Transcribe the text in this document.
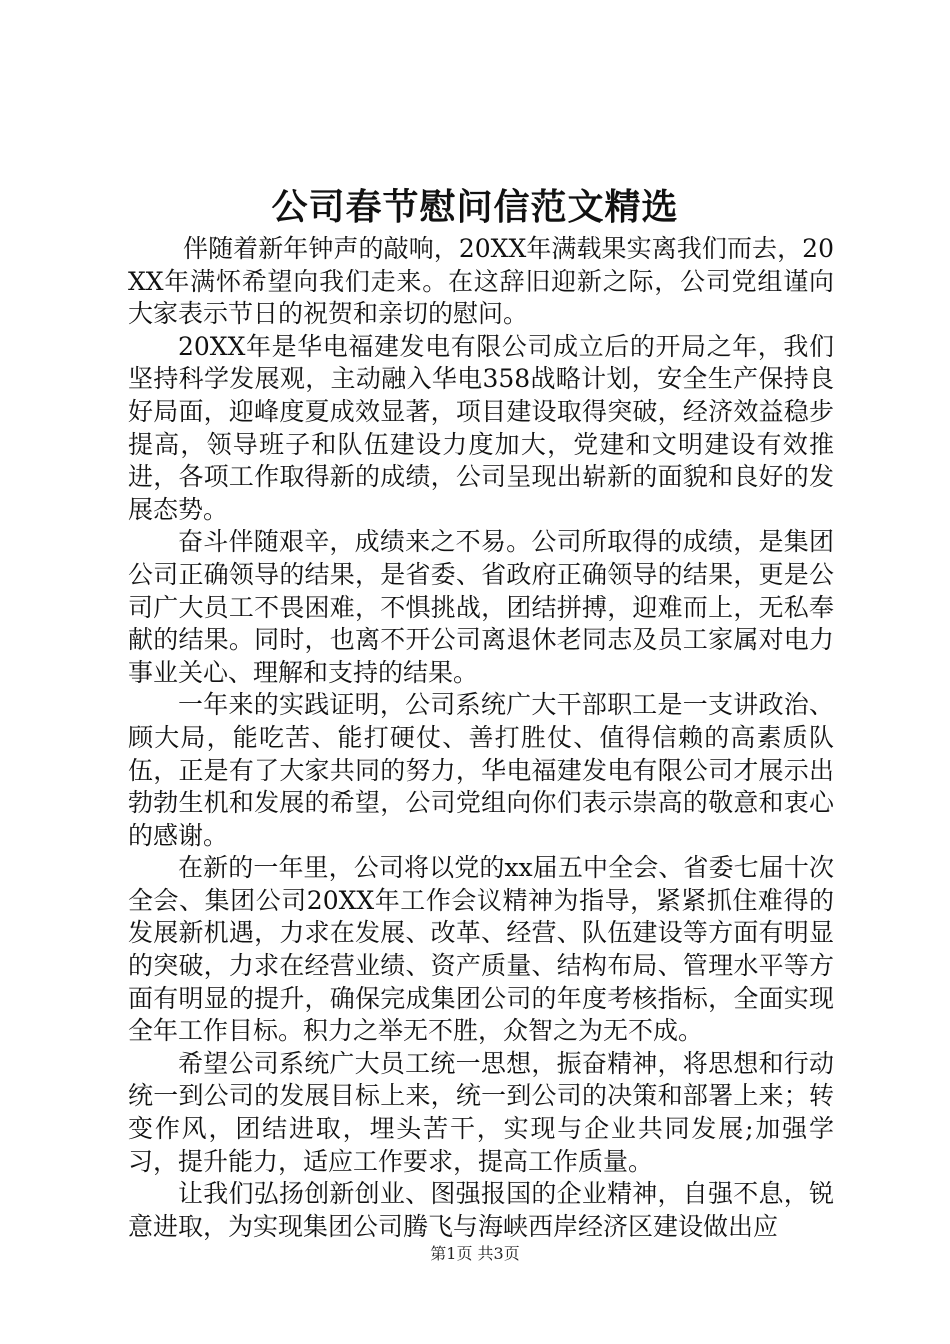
公司春节慰问信范文精选

伴随着新年钟声的敲响，20XX年满载果实离我们而去，20XX年满怀希望向我们走来。在这辞旧迎新之际，公司党组谨向大家表示节日的祝贺和亲切的慰问。

20XX年是华电福建发电有限公司成立后的开局之年，我们坚持科学发展观，主动融入华电358战略计划，安全生产保持良好局面，迎峰度夏成效显著，项目建设取得突破，经济效益稳步提高，领导班子和队伍建设力度加大，党建和文明建设有效推进，各项工作取得新的成绩，公司呈现出崭新的面貌和良好的发展态势。

奋斗伴随艰辛，成绩来之不易。公司所取得的成绩，是集团公司正确领导的结果，是省委、省政府正确领导的结果，更是公司广大员工不畏困难，不惧挑战，团结拼搏，迎难而上，无私奉献的结果。同时，也离不开公司离退休老同志及员工家属对电力事业关心、理解和支持的结果。

一年来的实践证明，公司系统广大干部职工是一支讲政治、顾大局，能吃苦、能打硬仗、善打胜仗、值得信赖的高素质队伍，正是有了大家共同的努力，华电福建发电有限公司才展示出勃勃生机和发展的希望，公司党组向你们表示崇高的敬意和衷心的感谢。

在新的一年里，公司将以党的xx届五中全会、省委七届十次全会、集团公司20XX年工作会议精神为指导，紧紧抓住难得的发展新机遇，力求在发展、改革、经营、队伍建设等方面有明显的突破，力求在经营业绩、资产质量、结构布局、管理水平等方面有明显的提升，确保完成集团公司的年度考核指标，全面实现全年工作目标。积力之举无不胜，众智之为无不成。

希望公司系统广大员工统一思想，振奋精神，将思想和行动统一到公司的发展目标上来，统一到公司的决策和部署上来；转变作风，团结进取，埋头苦干，实现与企业共同发展;加强学习，提升能力，适应工作要求，提高工作质量。

让我们弘扬创新创业、图强报国的企业精神，自强不息，锐意进取，为实现集团公司腾飞与海峡西岸经济区建设做出应

第1页 共3页
